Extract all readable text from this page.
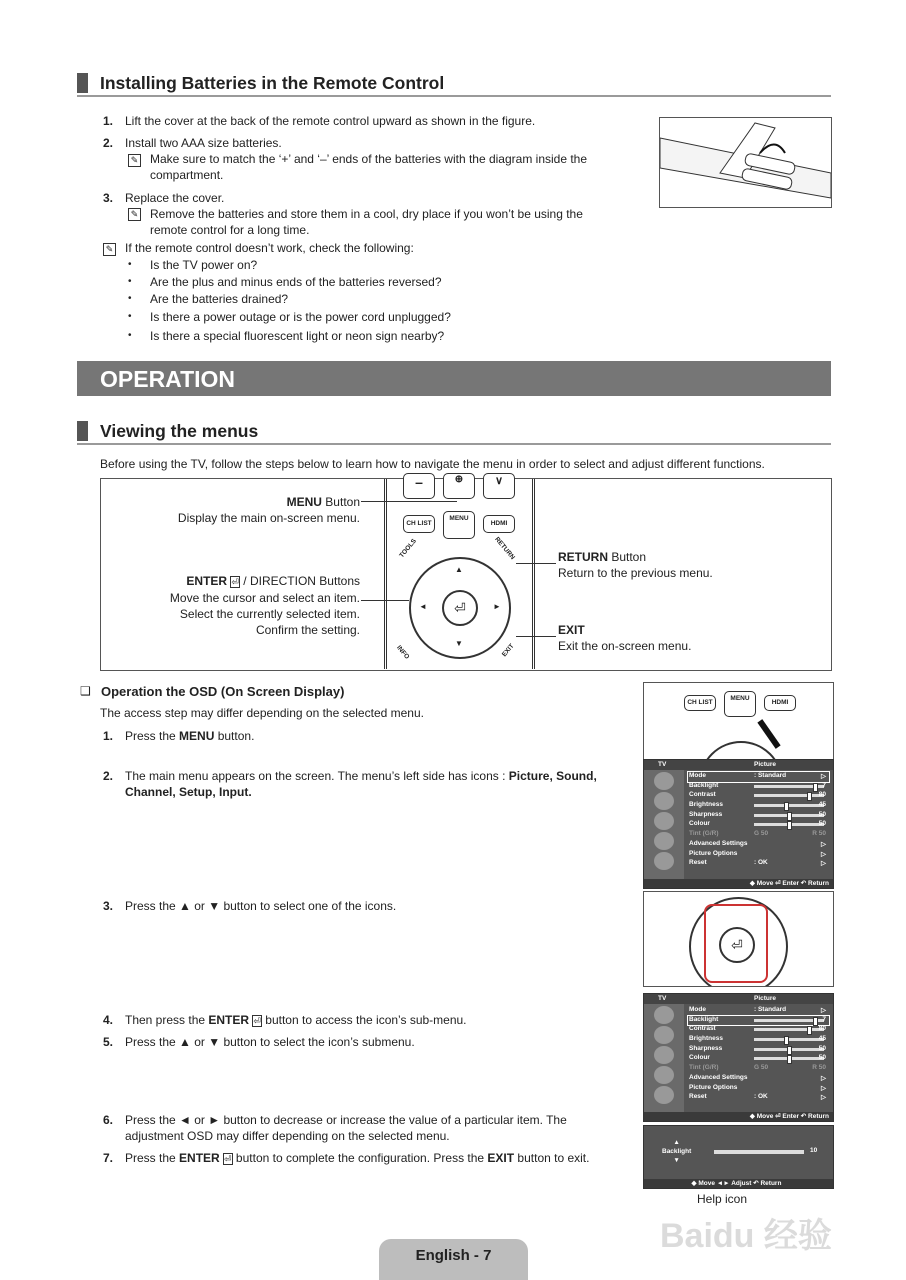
Installing Batteries in the Remote Control
1. Lift the cover at the back of the remote control upward as shown in the figure.
2. Install two AAA size batteries.
✎ Make sure to match the ‘+’ and ‘–’ ends of the batteries with the diagram inside the compartment.
3. Replace the cover.
✎ Remove the batteries and store them in a cool, dry place if you won’t be using the remote control for a long time.
✎ If the remote control doesn’t work, check the following:
• Is the TV power on?
• Are the plus and minus ends of the batteries reversed?
• Are the batteries drained?
• Is there a power outage or is the power cord unplugged?
• Is there a special fluorescent light or neon sign nearby?
OPERATION
Viewing the menus
Before using the TV, follow the steps below to learn how to navigate the menu in order to select and adjust different functions.
MENU Button
Display the main on-screen menu.
ENTER ⏎ / DIRECTION Buttons
Move the cursor and select an item. Select the currently selected item. Confirm the setting.
RETURN Button
Return to the previous menu.
EXIT
Exit the on-screen menu.
–	⊕	∨
CH LIST
MENU
HDMI
⏎
▲
▼
◄	►
TOOLS	RETURN
INFO	EXIT
❑ Operation the OSD (On Screen Display)
The access step may differ depending on the selected menu.
1. Press the MENU button.
2. The main menu appears on the screen. The menu’s left side has icons : Picture, Sound, Channel, Setup, Input.
3. Press the ▲ or ▼ button to select one of the icons.
4. Then press the ENTER ⏎ button to access the icon’s sub-menu.
5. Press the ▲ or ▼ button to select the icon’s submenu.
6. Press the ◄ or ► button to decrease or increase the value of a particular item. The adjustment OSD may differ depending on the selected menu.
7. Press the ENTER ⏎ button to complete the configuration. Press the EXIT button to exit.
CH LIST
MENU
HDMI
TV	Picture
Mode	: Standard	▷
Backlight	7
Contrast	80
Brightness	45
Sharpness	50
Colour	50
Tint (G/R)	G 50	R 50
Advanced Settings	▷
Picture Options	▷
Reset	: OK	▷
◆ Move ⏎ Enter ↶ Return
⏎
TV	Picture
Mode	: Standard	▷
Backlight	7
Contrast	80
Brightness	45
Sharpness	50
Colour	50
Tint (G/R)	G 50	R 50
Advanced Settings	▷
Picture Options	▷
Reset	: OK	▷
◆ Move ⏎ Enter ↶ Return
▲
Backlight
▼
10
◆ Move ◄► Adjust ↶ Return
Help icon
Baidu 经验
English - 7
